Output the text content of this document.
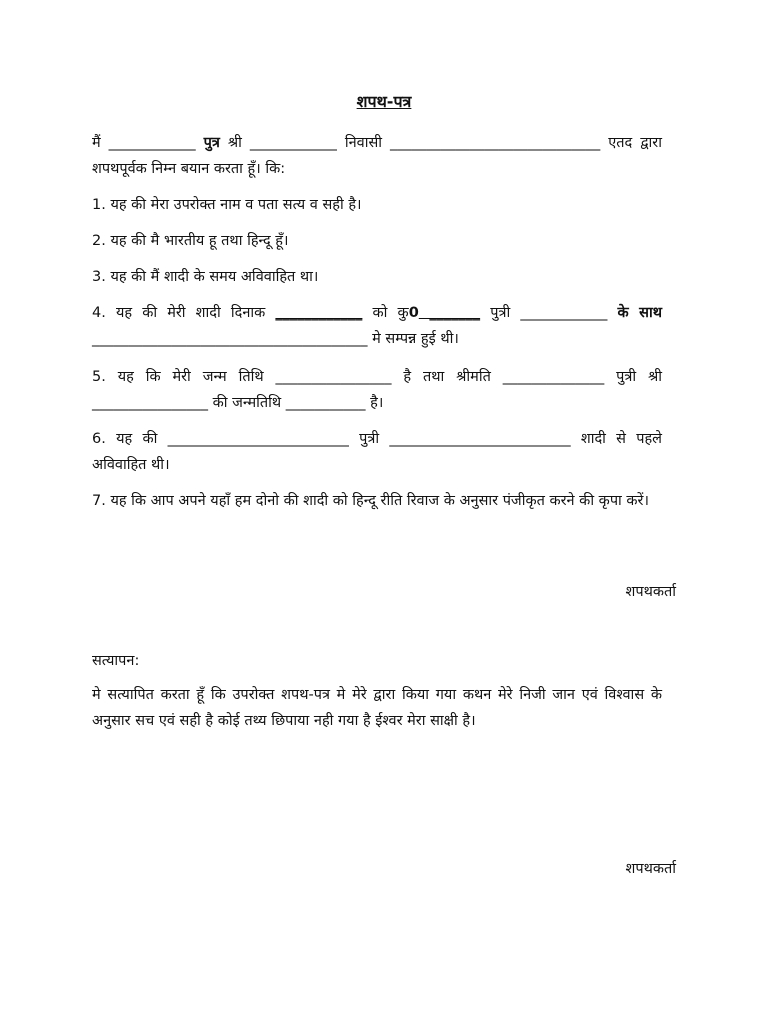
शपथ-पत्र
मैं ____________ पुत्र श्री ____________ निवासी _____________________________ एतद द्वारा शपथपूर्वक निम्न बयान करता हूँ। कि:
1. यह की मेरा उपरोक्त नाम व पता सत्य व सही है।
2. यह की मै भारतीय हू तथा हिन्दू हूँ।
3. यह की मैं शादी के समय अविवाहित था।
4. यह की मेरी शादी दिनाक ____________ को कु0 _______ पुत्री ____________ के साथ ______________________________________ मे सम्पन्न हुई थी।
5. यह कि मेरी जन्म तिथि ________________ है तथा श्रीमति ______________ पुत्री श्री ________________ की जन्मतिथि ___________ है।
6. यह की _________________________ पुत्री _________________________ शादी से पहले अविवाहित थी।
7. यह कि आप अपने यहाँ हम दोनो की शादी को हिन्दू रीति रिवाज के अनुसार पंजीकृत करने की कृपा करें।
शपथकर्ता
सत्यापन:
मे सत्यापित करता हूँ कि उपरोक्त शपथ-पत्र मे मेरे द्वारा किया गया कथन मेरे निजी जान एवं विश्वास के अनुसार सच एवं सही है कोई तथ्य छिपाया नही गया है ईश्वर मेरा साक्षी है।
शपथकर्ता
